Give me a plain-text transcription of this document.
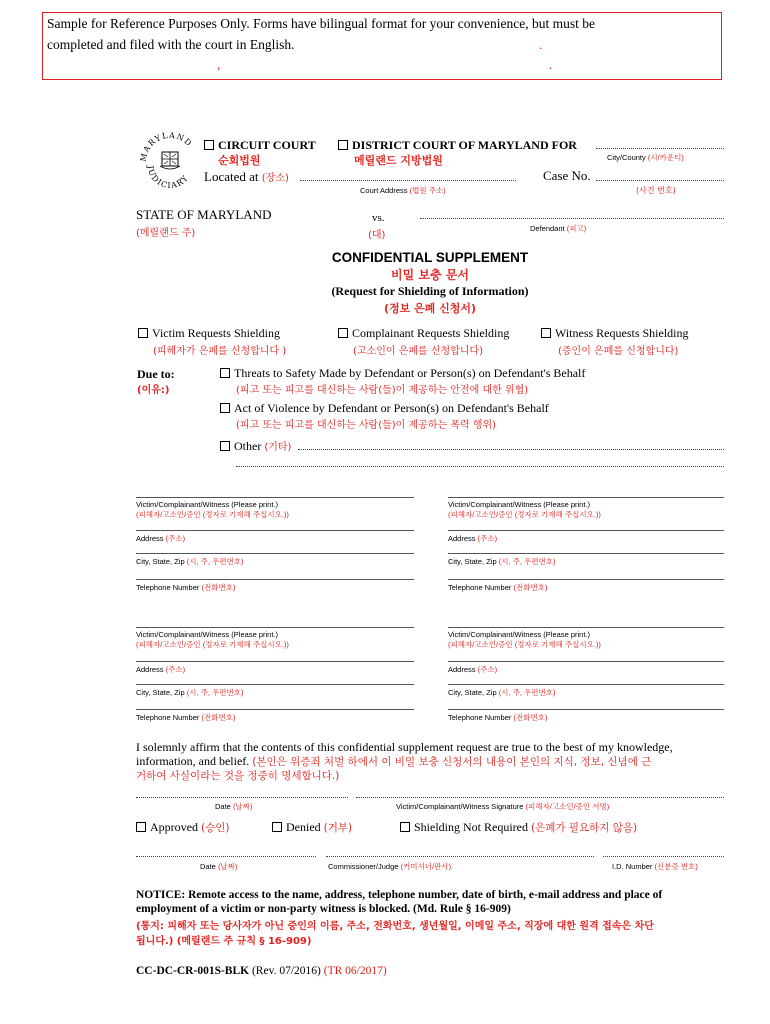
Sample for Reference Purposes Only. Forms have bilingual format for your convenience, but must be
completed and filed with the court in English.	.
,	.
MARYLAND
JUDICIARY
CIRCUIT COURT
순회법원
DISTRICT COURT OF MARYLAND FOR
메릴랜드 지방법원	City/County (시/카운티)
Located at (장소)
Court Address (법원 주소)
Case No.
(사건 번호)
STATE OF MARYLAND
(메릴랜드 주)
vs.
(대)
Defendant (피고)
CONFIDENTIAL SUPPLEMENT
비밀 보충 문서
(Request for Shielding of Information)
(정보 은폐 신청서)
Victim Requests Shielding
(피해자가 은폐를 신청합니다 )
Complainant Requests Shielding
(고소인이 은폐를 신청합니다)
Witness Requests Shielding
(증인이 은폐를 신청합니다)
Due to:
(이유:)
Threats to Safety Made by Defendant or Person(s) on Defendant's Behalf
(피고 또는 피고를 대신하는 사람(들)이 제공하는 안전에 대한 위협)
Act of Violence by Defendant or Person(s) on Defendant's Behalf
(피고 또는 피고를 대신하는 사람(들)이 제공하는 폭력 행위)
Other (기타)
Victim/Complainant/Witness (Please print.)
(피해자/고소인/증인 (정자로 기재해 주십시오.))
Address (주소)
City, State, Zip (시, 주, 우편번호)
Telephone Number (전화번호)
Victim/Complainant/Witness (Please print.)
(피해자/고소인/증인 (정자로 기재해 주십시오.))
Address (주소)
City, State, Zip (시, 주, 우편번호)
Telephone Number (전화번호)
Victim/Complainant/Witness (Please print.)
(피해자/고소인/증인 (정자로 기재해 주십시오.))
Address (주소)
City, State, Zip (시, 주, 우편번호)
Telephone Number (전화번호)
Victim/Complainant/Witness (Please print.)
(피해자/고소인/증인 (정자로 기재해 주십시오.))
Address (주소)
City, State, Zip (시, 주, 우편번호)
Telephone Number (전화번호)
I solemnly affirm that the contents of this confidential supplement request are true to the best of my knowledge,
information, and belief. (본인은 위증죄 처벌 하에서 이 비밀 보충 신청서의 내용이 본인의 지식, 정보, 신념에 근
거하여 사실이라는 것을 정중히 명세합니다.)
Date (날짜)	Victim/Complainant/Witness Signature (피해자/고소인/증인 서명)
Approved (승인)	Denied (거부)	Shielding Not Required (은폐가 필요하지 않음)
Date (날짜)	Commissioner/Judge (커미셔너/판사)	I.D. Number (신분증 번호)
NOTICE: Remote access to the name, address, telephone number, date of birth, e-mail address and place of
employment of a victim or non-party witness is blocked. (Md. Rule § 16-909)
(통지: 피해자 또는 당사자가 아닌 증인의 이름, 주소, 전화번호, 생년월일, 이메일 주소, 직장에 대한 원격 접속은 차단
됩니다.) (메릴랜드 주 규칙 § 16-909)
CC-DC-CR-001S-BLK (Rev. 07/2016) (TR 06/2017)
